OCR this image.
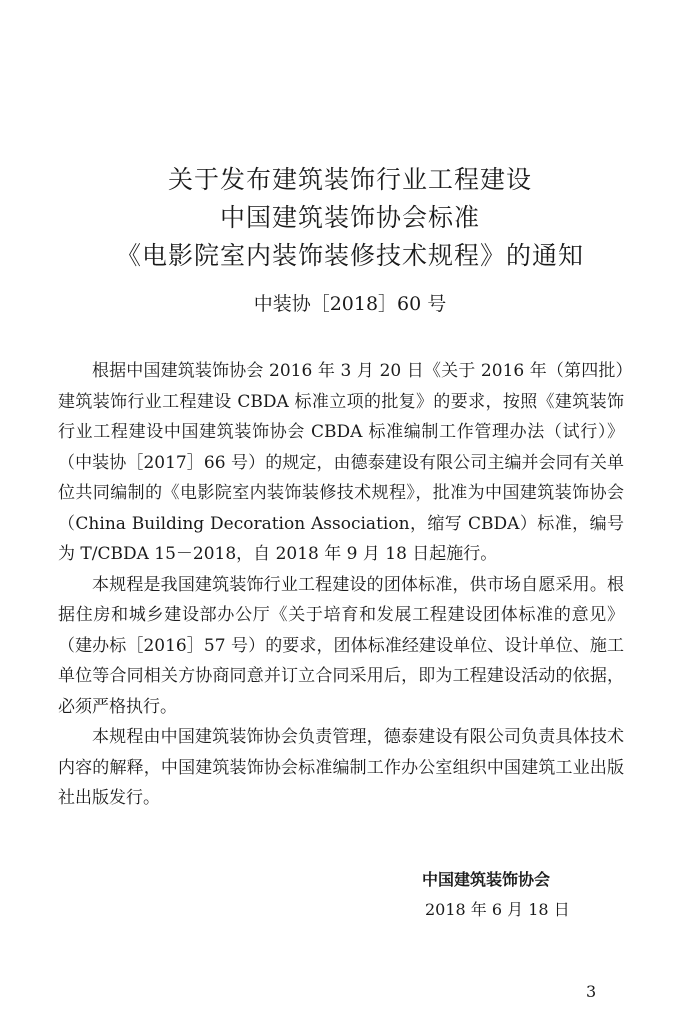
关于发布建筑装饰行业工程建设
中国建筑装饰协会标准
《电影院室内装饰装修技术规程》的通知
中装协［2018］60 号

根据中国建筑装饰协会 2016 年 3 月 20 日《关于 2016 年（第四批）建筑装饰行业工程建设 CBDA 标准立项的批复》的要求，按照《建筑装饰行业工程建设中国建筑装饰协会 CBDA 标准编制工作管理办法（试行）》（中装协［2017］66 号）的规定，由德泰建设有限公司主编并会同有关单位共同编制的《电影院室内装饰装修技术规程》，批准为中国建筑装饰协会（China Building Decoration Association，缩写 CBDA）标准，编号为 T/CBDA 15－2018，自 2018 年 9 月 18 日起施行。

本规程是我国建筑装饰行业工程建设的团体标准，供市场自愿采用。根据住房和城乡建设部办公厅《关于培育和发展工程建设团体标准的意见》（建办标［2016］57 号）的要求，团体标准经建设单位、设计单位、施工单位等合同相关方协商同意并订立合同采用后，即为工程建设活动的依据，必须严格执行。

本规程由中国建筑装饰协会负责管理，德泰建设有限公司负责具体技术内容的解释，中国建筑装饰协会标准编制工作办公室组织中国建筑工业出版社出版发行。

中国建筑装饰协会
2018 年 6 月 18 日
3
